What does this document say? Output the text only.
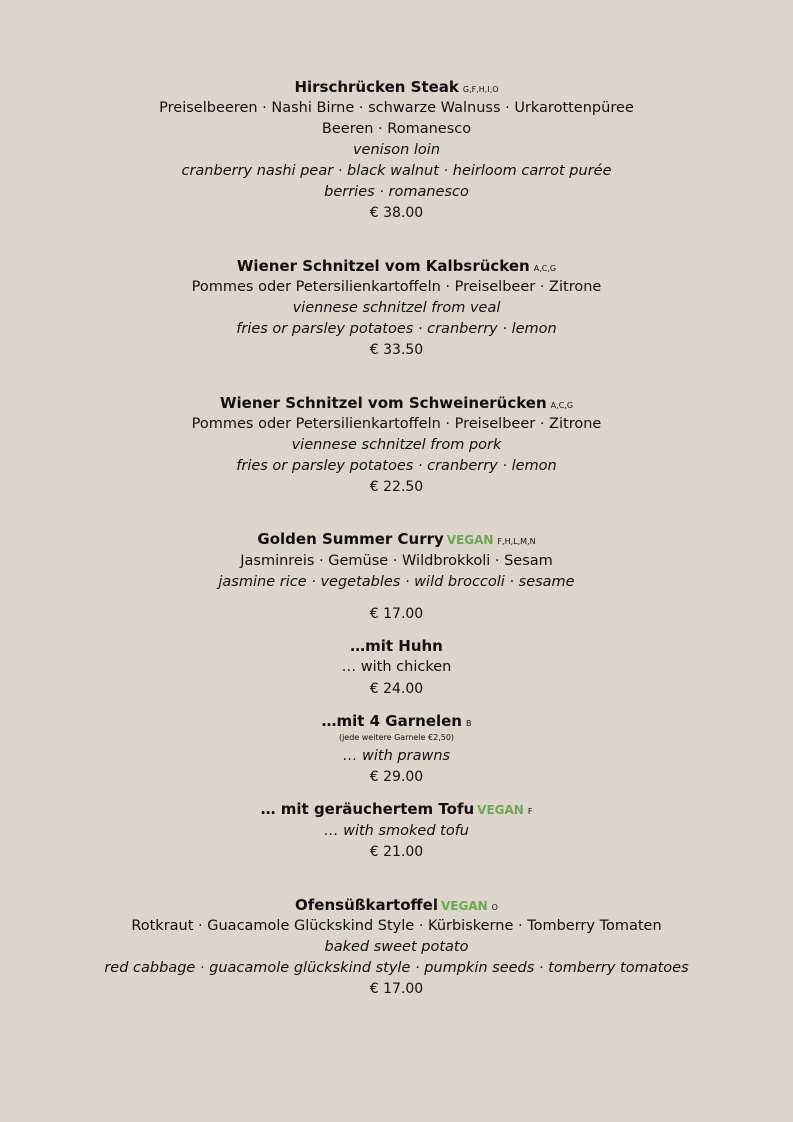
Hirschrücken Steak G,F,H,I,O
Preiselbeeren · Nashi Birne · schwarze Walnuss · Urkarottenpüree
Beeren · Romanesco
venison loin
cranberry nashi pear · black walnut · heirloom carrot purée
berries · romanesco
€ 38.00
Wiener Schnitzel vom Kalbsrücken A,C,G
Pommes oder Petersilienkartoffeln · Preiselbeer · Zitrone
viennese schnitzel from veal
fries or parsley potatoes · cranberry · lemon
€ 33.50
Wiener Schnitzel vom Schweinerücken A,C,G
Pommes oder Petersilienkartoffeln · Preiselbeer · Zitrone
viennese schnitzel from pork
fries or parsley potatoes · cranberry · lemon
€ 22.50
Golden Summer Curry VEGAN F,H,L,M,N
Jasminreis · Gemüse · Wildbrokkoli · Sesam
jasmine rice · vegetables · wild broccoli · sesame
€ 17.00
…mit Huhn
… with chicken
€ 24.00
…mit 4 Garnelen B
(jede weitere Garnele €2,50)
… with prawns
€ 29.00
… mit geräuchertem Tofu VEGAN F
… with smoked tofu
€ 21.00
Ofensüßkartoffel VEGAN O
Rotkraut · Guacamole Glückskind Style · Kürbiskerne · Tomberry Tomaten
baked sweet potato
red cabbage · guacamole glückskind style · pumpkin seeds · tomberry tomatoes
€ 17.00
